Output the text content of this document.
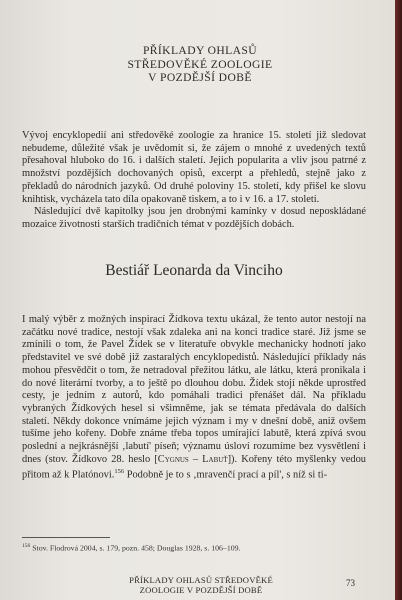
PŘÍKLADY OHLASŮ
STŘEDOVĚKÉ ZOOLOGIE
V POZDĚJŠÍ DOBĚ

Vývoj encyklopedií ani středověké zoologie za hranice 15. století již sledovat nebudeme, důležité však je uvědomit si, že zájem o mnohé z uvedených textů přesahoval hluboko do 16. i dalších staletí. Jejich popularita a vliv jsou patrné z množství pozdějších dochovaných opisů, excerpt a přehledů, stejně jako z překladů do národních jazyků. Od druhé poloviny 15. století, kdy přišel ke slovu knihtisk, vycházela tato díla opakovaně tiskem, a to i v 16. a 17. století.

Následující dvě kapitolky jsou jen drobnými kamínky v dosud neposkládané mozaice životnosti starších tradičních témat v pozdějších dobách.

Bestiář Leonarda da Vinciho

I malý výběr z možných inspirací Žídkova textu ukázal, že tento autor nestojí na začátku nové tradice, nestojí však zdaleka ani na konci tradice staré. Již jsme se zmínili o tom, že Pavel Žídek se v literatuře obvykle mechanicky hodnotí jako představitel ve své době již zastaralých encyklopedistů. Následující příklady nás mohou přesvědčit o tom, že netradoval přežitou látku, ale látku, která pronikala i do nové literární tvorby, a to ještě po dlouhou dobu. Žídek stojí někde uprostřed cesty, je jedním z autorů, kdo pomáhali tradici přenášet dál. Na příkladu vybraných Žídkových hesel si všimněme, jak se témata předávala do dalších staletí. Někdy dokonce vnímáme jejich význam i my v dnešní době, aniž ovšem tušíme jeho kořeny. Dobře známe třeba topos umírající labutě, která zpívá svou poslední a nejkrásnější ‚labutí' píseň; významu úsloví rozumíme bez vysvětlení i dnes (stov. Žídkovo 28. heslo [Cygnus – Labuť]). Kořeny této myšlenky vedou přitom až k Platónovi.$^{156}$ Podobně je to s ‚mravenčí prací a píl', s níž si ti-

$^{156}$ Stov. Flodrová 2004, s. 179, pozn. 458; Douglas 1928, s. 106–109.
PŘÍKLADY OHLASŮ STŘEDOVĚKÉ ZOOLOGIE V POZDĚJŠÍ DOBĚ
73
